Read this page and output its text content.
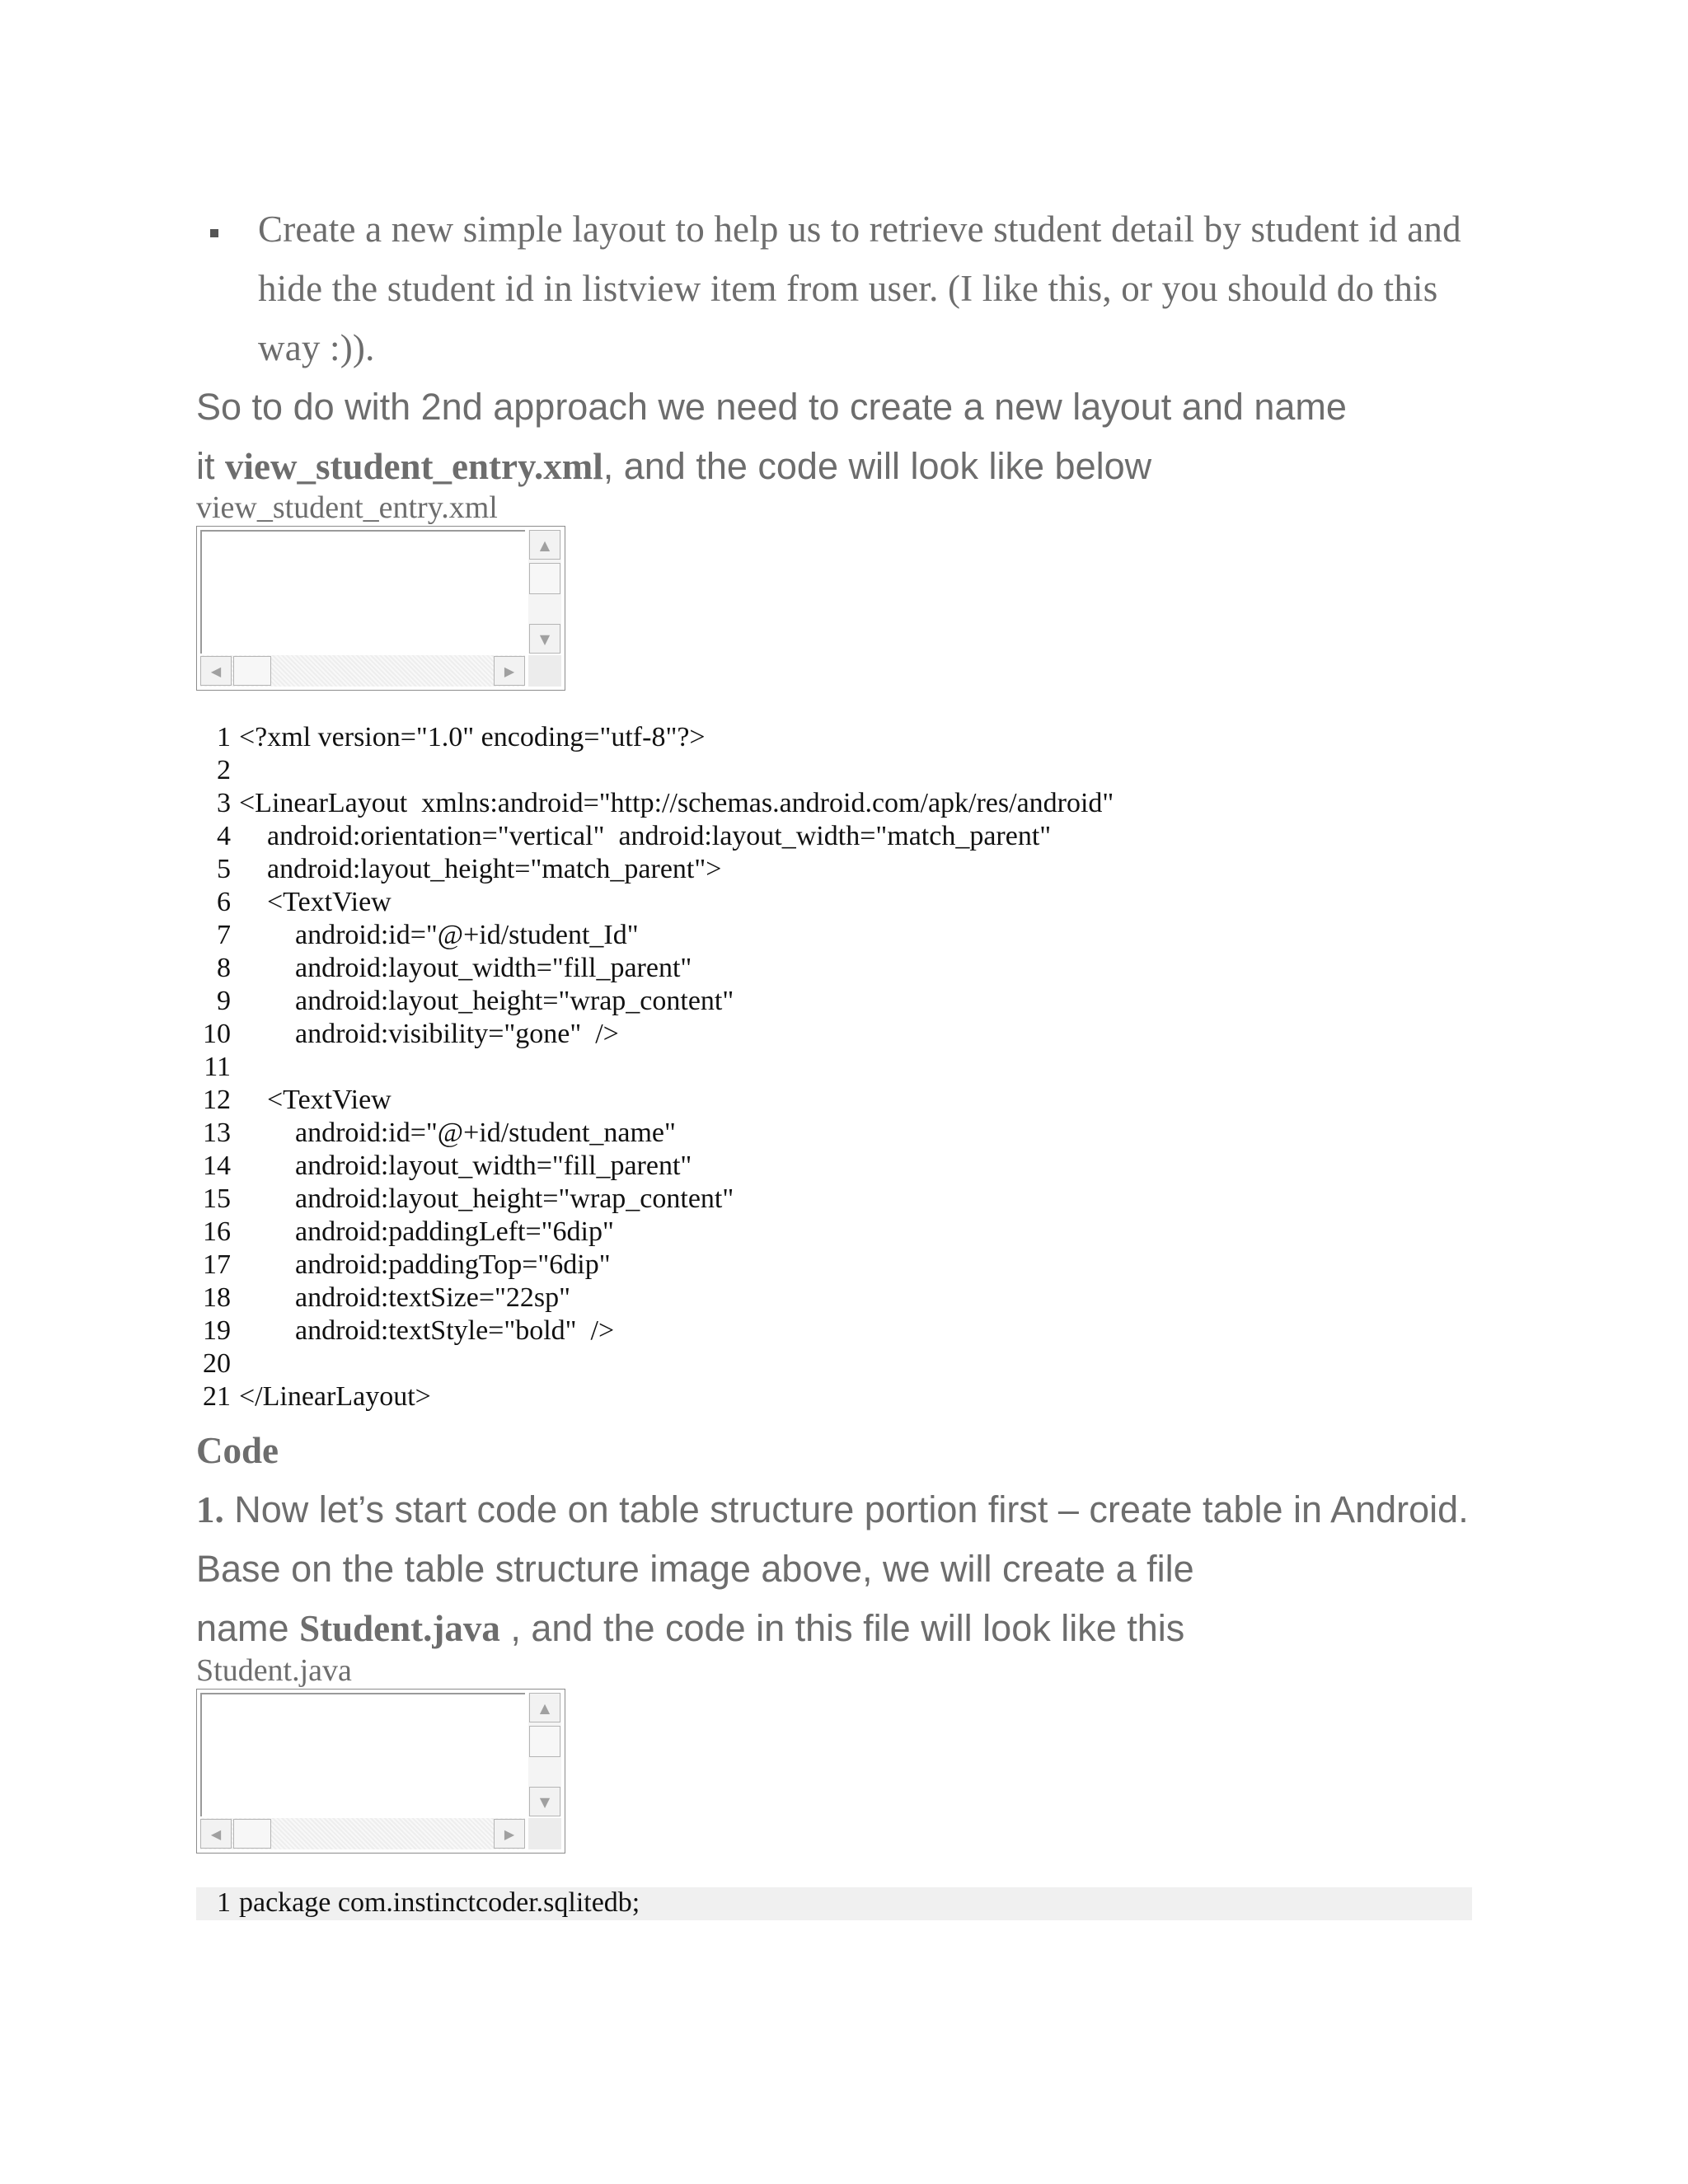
Create a new simple layout to help us to retrieve student detail by student id and
hide the student id in listview item from user. (I like this, or you should do this
way :)).
So to do with 2nd approach we need to create a new layout and name
it view_student_entry.xml, and the code will look like below
view_student_entry.xml
▲
▼
◀	▶
1 <?xml version="1.0" encoding="utf-8"?>
2
3 <LinearLayout  xmlns:android="http://schemas.android.com/apk/res/android"
4    android:orientation="vertical"  android:layout_width="match_parent"
5    android:layout_height="match_parent">
6    <TextView
7        android:id="@+id/student_Id"
8        android:layout_width="fill_parent"
9        android:layout_height="wrap_content"
10        android:visibility="gone"  />
11
12    <TextView
13        android:id="@+id/student_name"
14        android:layout_width="fill_parent"
15        android:layout_height="wrap_content"
16        android:paddingLeft="6dip"
17        android:paddingTop="6dip"
18        android:textSize="22sp"
19        android:textStyle="bold"  />
20
21 </LinearLayout>
Code
1. Now let’s start code on table structure portion first – create table in Android.
Base on the table structure image above, we will create a file
name Student.java , and the code in this file will look like this
Student.java
▲
▼
◀	▶
1 package com.instinctcoder.sqlitedb;
